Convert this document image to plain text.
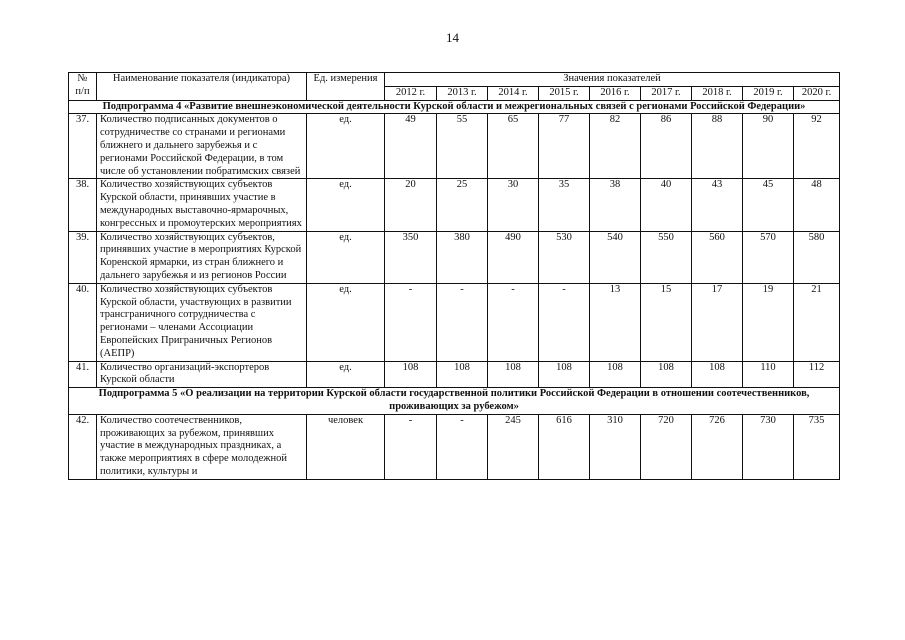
14
№ п/п	Наименование показателя (индикатора)	Ед. измерения	Значения показателей								
			2012 г.	2013 г.	2014 г.	2015 г.	2016 г.	2017 г.	2018 г.	2019 г.	2020 г.
Подпрограмма 4 «Развитие внешнеэкономической деятельности Курской области и межрегиональных связей с регионами Российской Федерации»											
37.	Количество подписанных документов о сотрудничестве со странами и регионами ближнего и дальнего зарубежья и с регионами Российской Федерации, в том числе об установлении побратимских связей	ед.	49	55	65	77	82	86	88	90	92
38.	Количество хозяйствующих субъектов Курской области, принявших участие в международных выставочно-ярмарочных, конгрессных и промоутерских мероприятиях	ед.	20	25	30	35	38	40	43	45	48
39.	Количество хозяйствующих субъектов, принявших участие в мероприятиях Курской Коренской ярмарки, из стран ближнего и дальнего зарубежья и из регионов России	ед.	350	380	490	530	540	550	560	570	580
40.	Количество хозяйствующих субъектов Курской области, участвующих в развитии трансграничного сотрудничества с регионами – членами Ассоциации Европейских Приграничных Регионов (АЕПР)	ед.	-	-	-	-	13	15	17	19	21
41.	Количество организаций-экспортеров Курской области	ед.	108	108	108	108	108	108	108	110	112
Подпрограмма 5 «О реализации на территории Курской области государственной политики Российской Федерации в отношении соотечественников, проживающих за рубежом»											
42.	Количество соотечественников, проживающих за рубежом, принявших участие в международных праздниках, а также мероприятиях в сфере молодежной политики, культуры и	человек	-	-	245	616	310	720	726	730	735
